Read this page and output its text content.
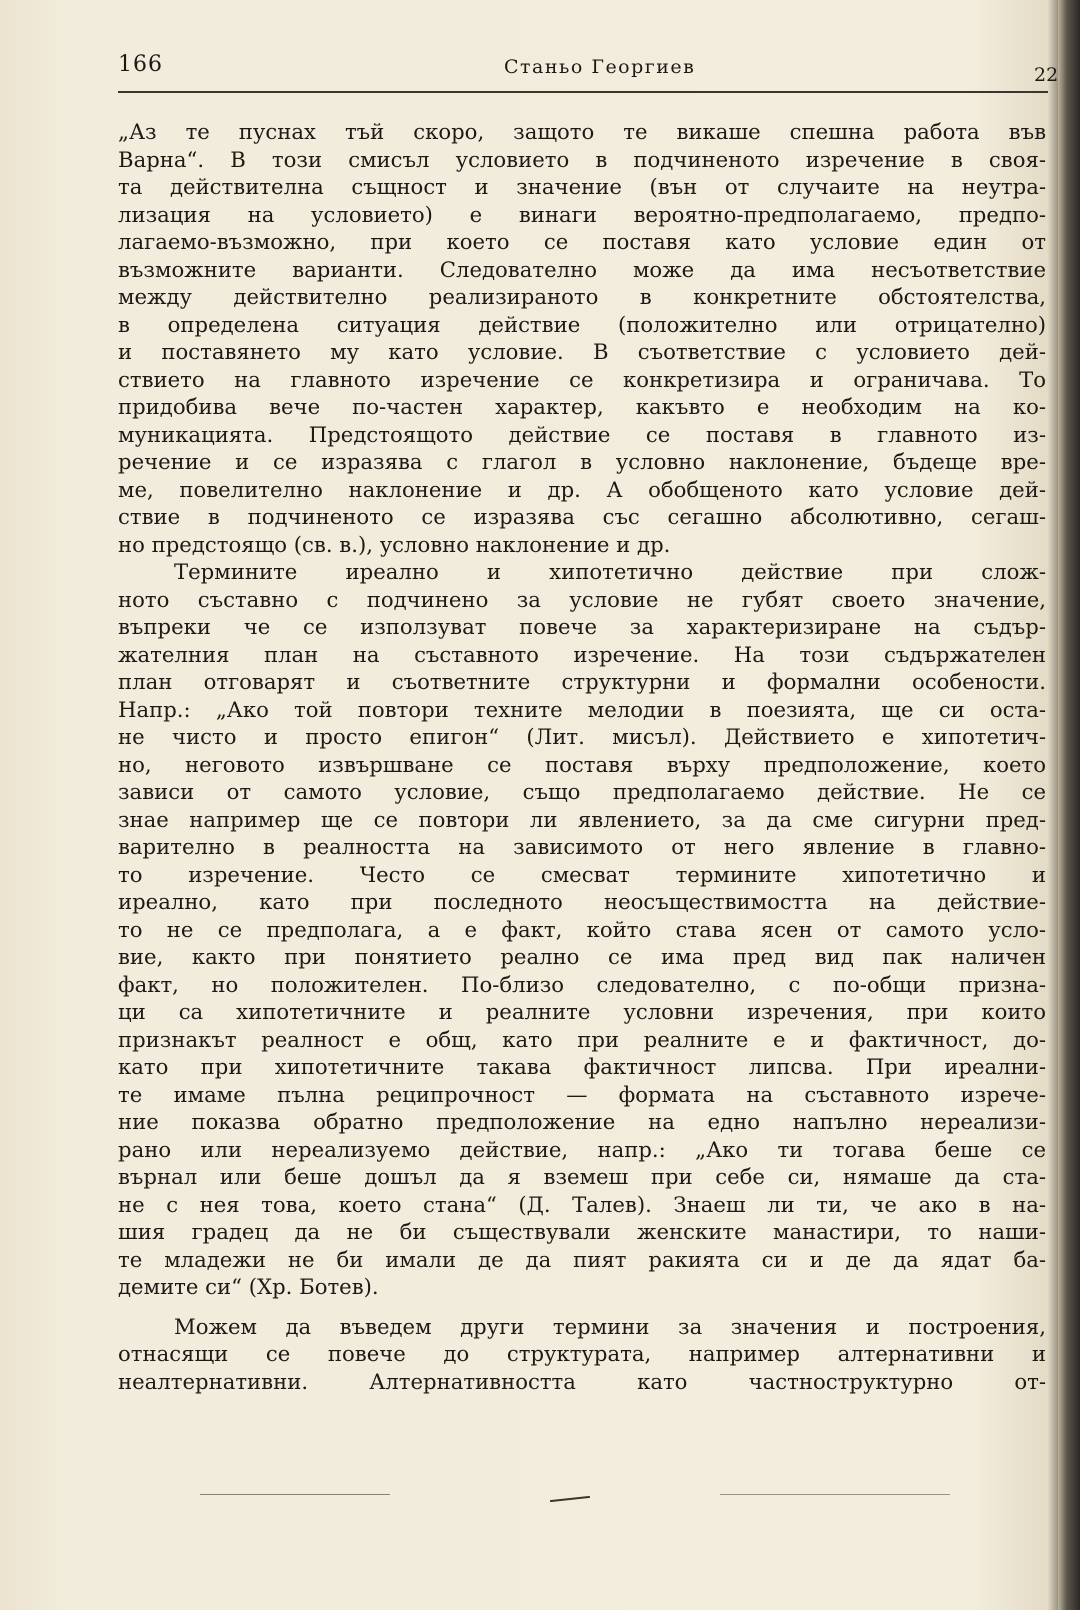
166	Станьо Георгиев	22

„Аз те пуснах тъй скоро, защото те викаше спешна работа във
Варна“. В този смисъл условието в подчиненото изречение в своя-
та действителна същност и значение (вън от случаите на неутра-
лизация на условието) е винаги вероятно-предполагаемо, предпо-
лагаемо-възможно, при което се поставя като условие един от
възможните варианти. Следователно може да има несъответствие
между действително реализираното в конкретните обстоятелства,
в определена ситуация действие (положително или отрицателно)
и поставянето му като условие. В съответствие с условието дей-
ствието на главното изречение се конкретизира и ограничава. То
придобива вече по-частен характер, какъвто е необходим на ко-
муникацията. Предстоящото действие се поставя в главното из-
речение и се изразява с глагол в условно наклонение, бъдеще вре-
ме, повелително наклонение и др. А обобщеното като условие дей-
ствие в подчиненото се изразява със сегашно абсолютивно, сегаш-
но предстоящо (св. в.), условно наклонение и др.

Термините ирeално и хипотетично действие при слож-
ното съставно с подчинено за условие не губят своето значение,
въпреки че се използуват повече за характеризиране на съдър-
жателния план на съставното изречение. На този съдържателен
план отговарят и съответните структурни и формални особености.
Напр.: „Ако той повтори техните мелодии в поезията, ще си оста-
не чисто и просто епигон“ (Лит. мисъл). Действието е хипотетич-
но, неговото извършване се поставя върху предположение, което
зависи от самото условие, също предполагаемо действие. Не се
знае например ще се повтори ли явлението, за да сме сигурни пред-
варително в реалността на зависимото от него явление в главно-
то изречение. Често се смесват термините хипотетично и
ирeално, като при последното неосъществимостта на действие-
то не се предполага, а е факт, който става ясен от самото усло-
вие, както при понятието реално се има пред вид пак наличен
факт, но положителен. По-близо следователно, с по-общи призна-
ци са хипотетичните и реалните условни изречения, при които
признакът реалност е общ, като при реалните е и фактичност, до-
като при хипотетичните такава фактичност липсва. При ирeални-
те имаме пълна реципрочност — формата на съставното изрече-
ние показва обратно предположение на едно напълно нереализи-
рано или нереализуемо действие, напр.: „Ако ти тогава беше се
върнал или беше дошъл да я вземеш при себе си, нямаше да ста-
не с нея това, което стана“ (Д. Талев). Знаеш ли ти, че ако в на-
шия градец да не би съществували женските манастири, то наши-
те младежи не би имали де да пият ракията си и де да ядат ба-
демите си“ (Хр. Ботев).

Можем да въведем други термини за значения и построения,
отнасящи се повече до структурата, например алтернативни и
неалтернативни. Алтернативността като частноструктурно от-
